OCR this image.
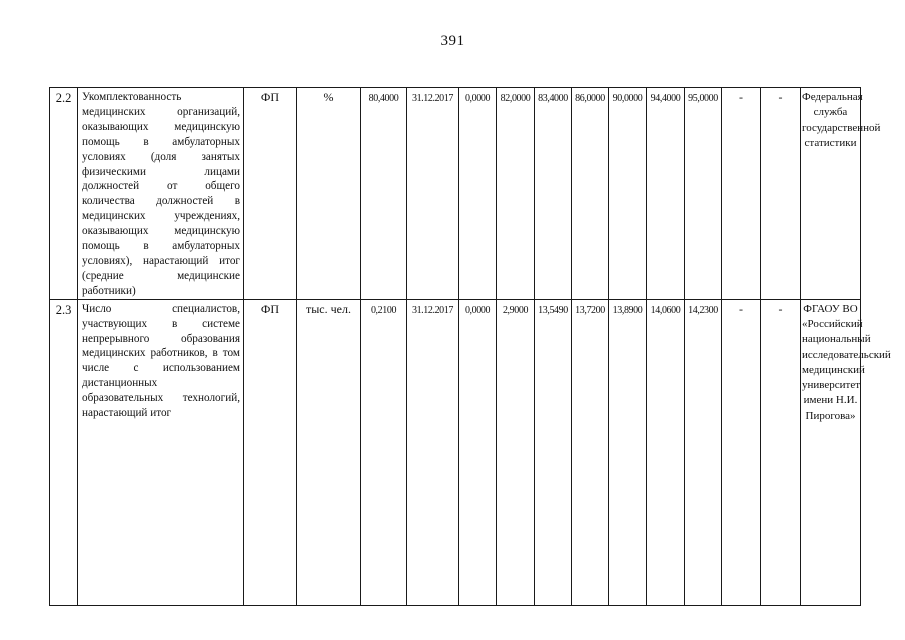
391
2.2	Укомплектованность медицинских организаций, оказывающих медицинскую помощь в амбулаторных условиях (доля занятых физическими лицами должностей от общего количества должностей в медицинских учреждениях, оказывающих медицинскую помощь в амбулаторных условиях), нарастающий итог (средние медицинские работники)	ФП	%	80,4000	31.12.2017	0,0000	82,0000	83,4000	86,0000	90,0000	94,4000	95,0000	-	-	Федеральная служба государственной статистики
2.3	Число специалистов, участвующих в системе непрерывного образования медицинских работников, в том числе с использованием дистанционных образовательных технологий, нарастающий итог	ФП	тыс. чел.	0,2100	31.12.2017	0,0000	2,9000	13,5490	13,7200	13,8900	14,0600	14,2300	-	-	ФГАОУ ВО «Российский национальный исследовательский медицинский университет имени Н.И. Пирогова»
